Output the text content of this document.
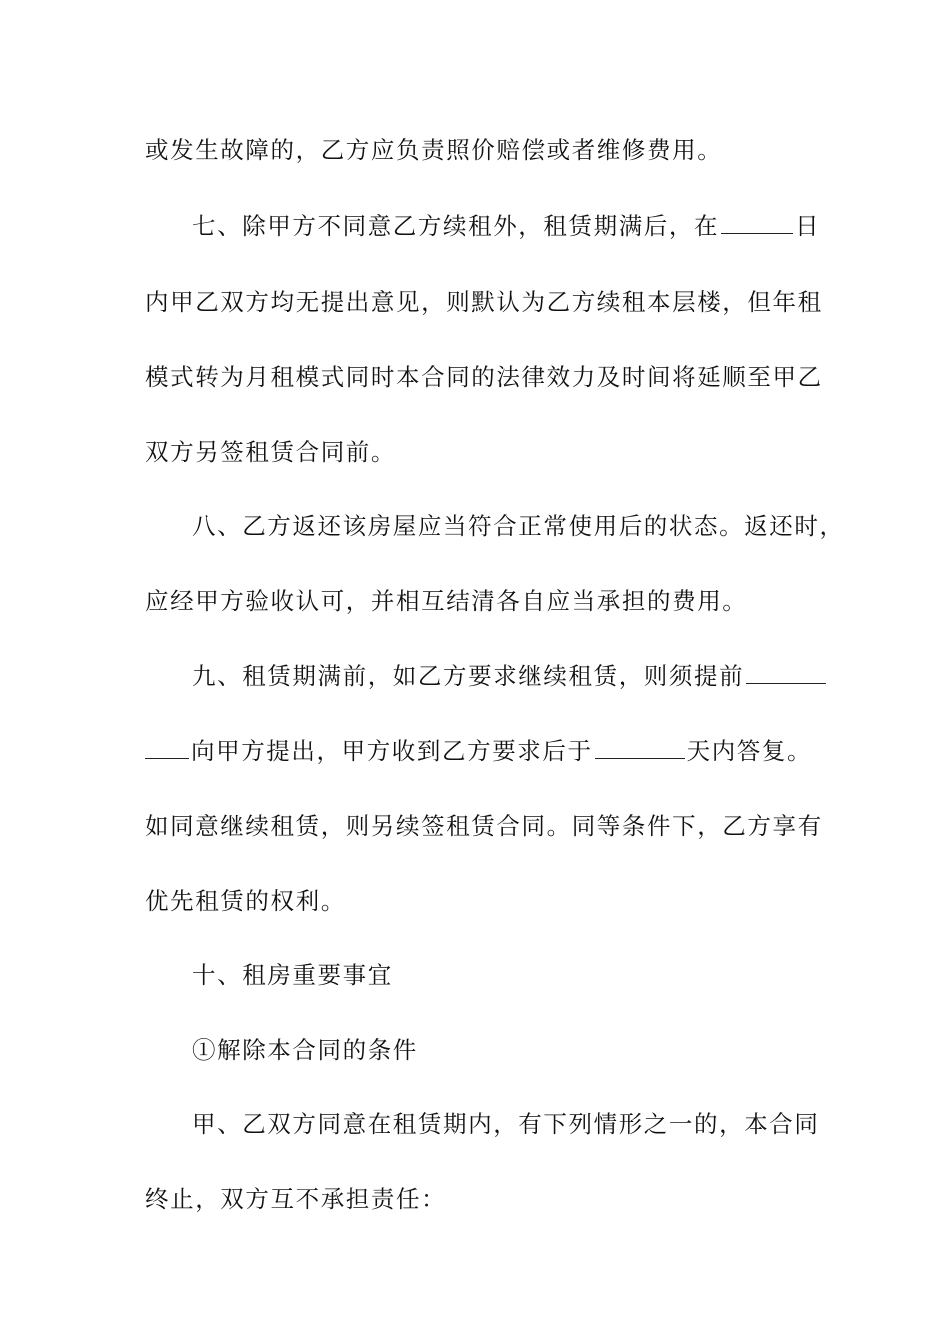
或发生故障的，乙方应负责照价赔偿或者维修费用。
七、除甲方不同意乙方续租外，租赁期满后，在	日
内甲乙双方均无提出意见，则默认为乙方续租本层楼，但年租
模式转为月租模式同时本合同的法律效力及时间将延顺至甲乙
双方另签租赁合同前。
八、乙方返还该房屋应当符合正常使用后的状态。返还时，
应经甲方验收认可，并相互结清各自应当承担的费用。
九、租赁期满前，如乙方要求继续租赁，则须提前
向甲方提出，甲方收到乙方要求后于	天内答复。
如同意继续租赁，则另续签租赁合同。同等条件下，乙方享有
优先租赁的权利。
十、租房重要事宜
①解除本合同的条件
甲、乙双方同意在租赁期内，有下列情形之一的，本合同
终止，双方互不承担责任：
